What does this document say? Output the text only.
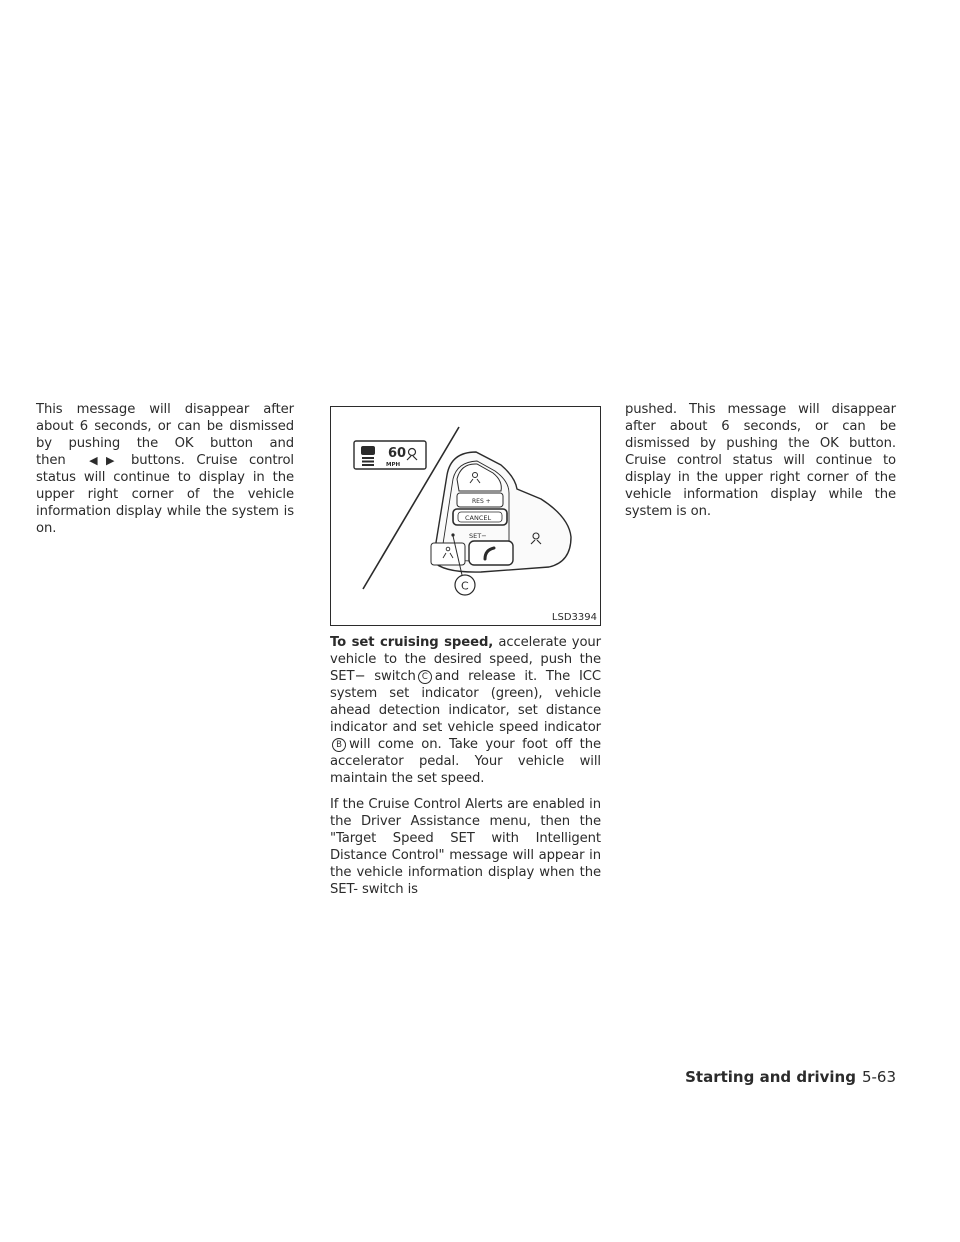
This message will disappear after about 6 seconds, or can be dismissed by pushing the OK button and then ◀▶ buttons. Cruise control status will continue to display in the upper right corner of the vehicle information display while the system is on.

60
MPH
RES +
CANCEL
SET−
C
LSD3394

To set cruising speed, accelerate your vehicle to the desired speed, push the SET− switch C and release it. The ICC system set indicator (green), vehicle ahead detection indicator, set distance indicator and set vehicle speed indicatorB will come on. Take your foot off the accelerator pedal. Your vehicle will maintain the set speed.

If the Cruise Control Alerts are enabled in the Driver Assistance menu, then the "Target Speed SET with Intelligent Distance Control" message will appear in the vehicle information display when the SET- switch is

pushed. This message will disappear after about 6 seconds, or can be dismissed by pushing the OK button. Cruise control status will continue to display in the upper right corner of the vehicle information display while the system is on.

Starting and driving 5-63
